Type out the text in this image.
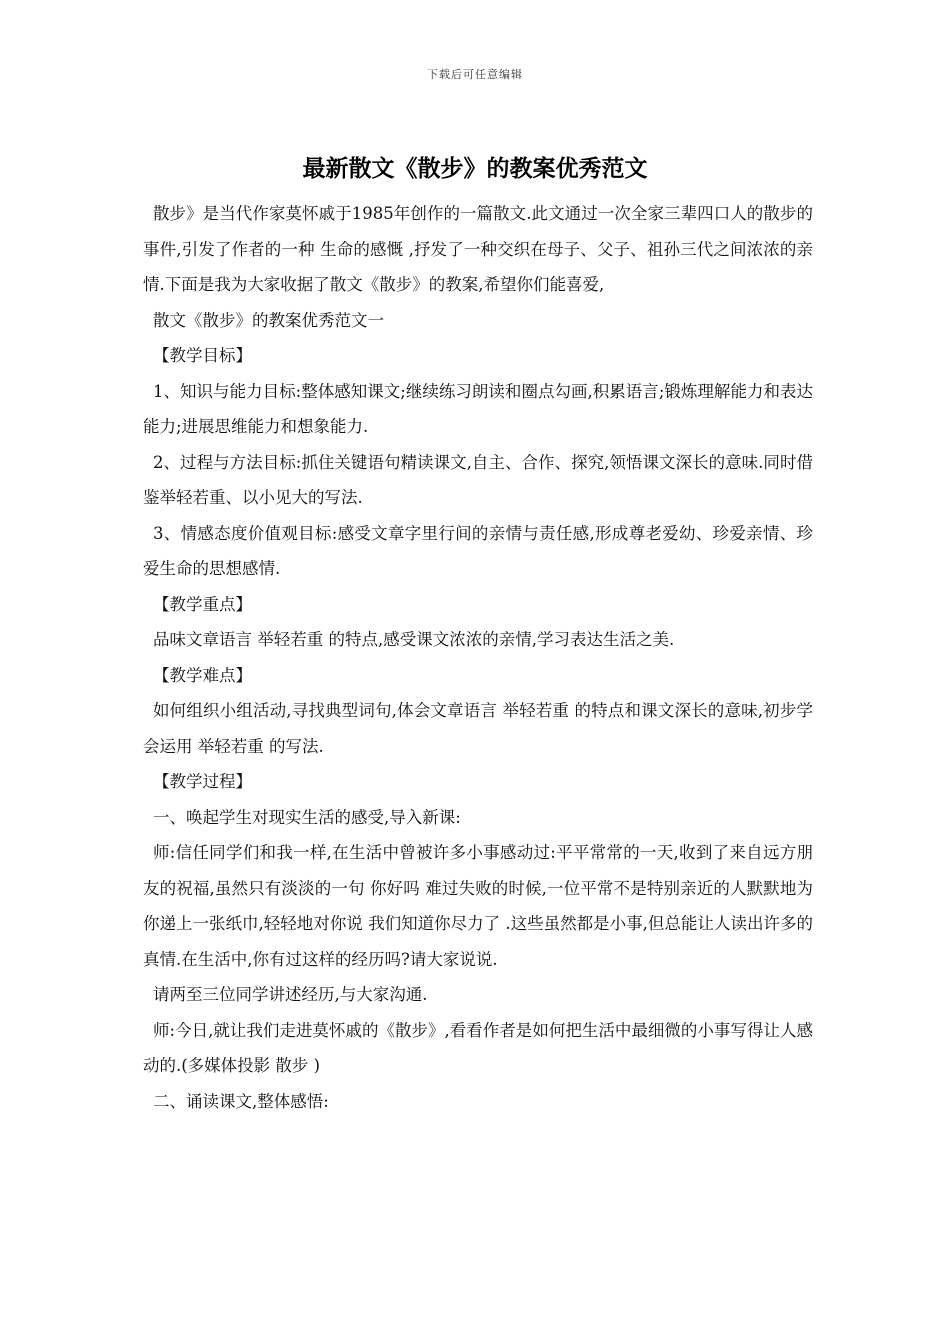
下载后可任意编辑
最新散文《散步》的教案优秀范文

散步》是当代作家莫怀戚于1985年创作的一篇散文.此文通过一次全家三辈四口人的散步的事件,引发了作者的一种 生命的感慨 ,抒发了一种交织在母子、父子、祖孙三代之间浓浓的亲情.下面是我为大家收据了散文《散步》的教案,希望你们能喜爱,

散文《散步》的教案优秀范文一

【教学目标】

1、知识与能力目标:整体感知课文;继续练习朗读和圈点勾画,积累语言;锻炼理解能力和表达能力;进展思维能力和想象能力.

2、过程与方法目标:抓住关键语句精读课文,自主、合作、探究,领悟课文深长的意味.同时借鉴举轻若重、以小见大的写法.

3、情感态度价值观目标:感受文章字里行间的亲情与责任感,形成尊老爱幼、珍爱亲情、珍爱生命的思想感情.

【教学重点】

品味文章语言 举轻若重 的特点,感受课文浓浓的亲情,学习表达生活之美.

【教学难点】

如何组织小组活动,寻找典型词句,体会文章语言 举轻若重 的特点和课文深长的意味,初步学会运用 举轻若重 的写法.

【教学过程】

一、唤起学生对现实生活的感受,导入新课:

师:信任同学们和我一样,在生活中曾被许多小事感动过:平平常常的一天,收到了来自远方朋友的祝福,虽然只有淡淡的一句 你好吗 难过失败的时候,一位平常不是特别亲近的人默默地为你递上一张纸巾,轻轻地对你说 我们知道你尽力了 .这些虽然都是小事,但总能让人读出许多的真情.在生活中,你有过这样的经历吗?请大家说说.

请两至三位同学讲述经历,与大家沟通.

师:今日,就让我们走进莫怀戚的《散步》,看看作者是如何把生活中最细微的小事写得让人感动的.(多媒体投影 散步 )

二、诵读课文,整体感悟:
